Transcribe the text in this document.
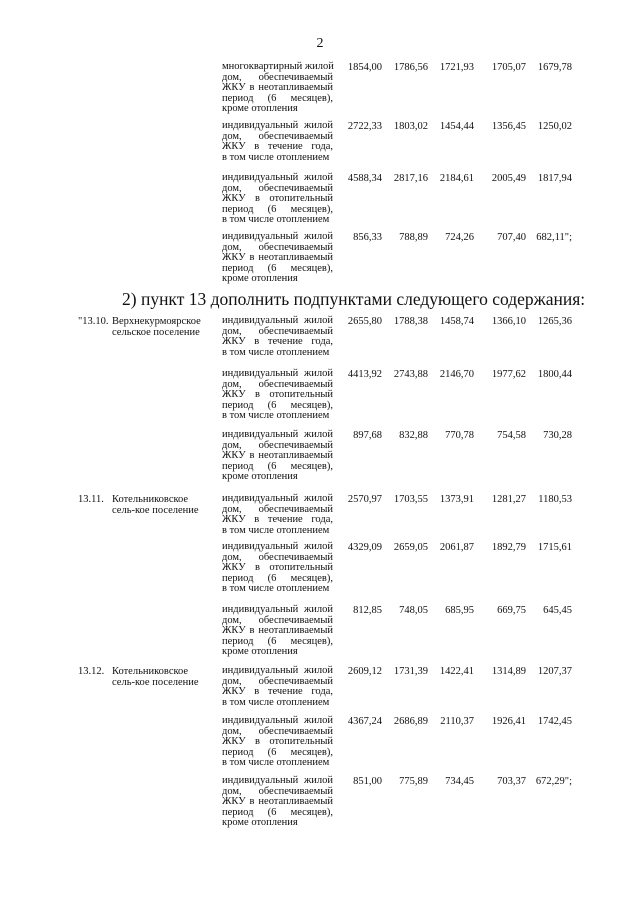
2
многоквартирный жилой
дом, обеспечиваемый
ЖКУ в неотапливаемый
период (6 месяцев),
кроме отопления
1854,00 1786,56 1721,93 1705,07 1679,78
индивидуальный жилой
дом, обеспечиваемый
ЖКУ в течение года,
в том числе отоплением
2722,33 1803,02 1454,44 1356,45 1250,02
индивидуальный жилой
дом, обеспечиваемый
ЖКУ в отопительный
период (6 месяцев),
в том числе отоплением
4588,34 2817,16 2184,61 2005,49 1817,94
индивидуальный жилой
дом, обеспечиваемый
ЖКУ в неотапливаемый
период (6 месяцев),
кроме отопления
856,33 788,89 724,26 707,40 682,11";
2) пункт 13 дополнить подпунктами следующего содержания:
"13.10. Верхнекурмоярское сельское поселение
индивидуальный жилой
дом, обеспечиваемый
ЖКУ в течение года,
в том числе отоплением
2655,80 1788,38 1458,74 1366,10 1265,36
индивидуальный жилой
дом, обеспечиваемый
ЖКУ в отопительный
период (6 месяцев),
в том числе отоплением
4413,92 2743,88 2146,70 1977,62 1800,44
индивидуальный жилой
дом, обеспечиваемый
ЖКУ в неотапливаемый
период (6 месяцев),
кроме отопления
897,68 832,88 770,78 754,58 730,28
13.11. Котельниковское сель-кое поселение
индивидуальный жилой
дом, обеспечиваемый
ЖКУ в течение года,
в том числе отоплением
2570,97 1703,55 1373,91 1281,27 1180,53
индивидуальный жилой
дом, обеспечиваемый
ЖКУ в отопительный
период (6 месяцев),
в том числе отоплением
4329,09 2659,05 2061,87 1892,79 1715,61
индивидуальный жилой
дом, обеспечиваемый
ЖКУ в неотапливаемый
период (6 месяцев),
кроме отопления
812,85 748,05 685,95 669,75 645,45
13.12. Котельниковское сель-кое поселение
индивидуальный жилой
дом, обеспечиваемый
ЖКУ в течение года,
в том числе отоплением
2609,12 1731,39 1422,41 1314,89 1207,37
индивидуальный жилой
дом, обеспечиваемый
ЖКУ в отопительный
период (6 месяцев),
в том числе отоплением
4367,24 2686,89 2110,37 1926,41 1742,45
индивидуальный жилой
дом, обеспечиваемый
ЖКУ в неотапливаемый
период (6 месяцев),
кроме отопления
851,00 775,89 734,45 703,37 672,29";
